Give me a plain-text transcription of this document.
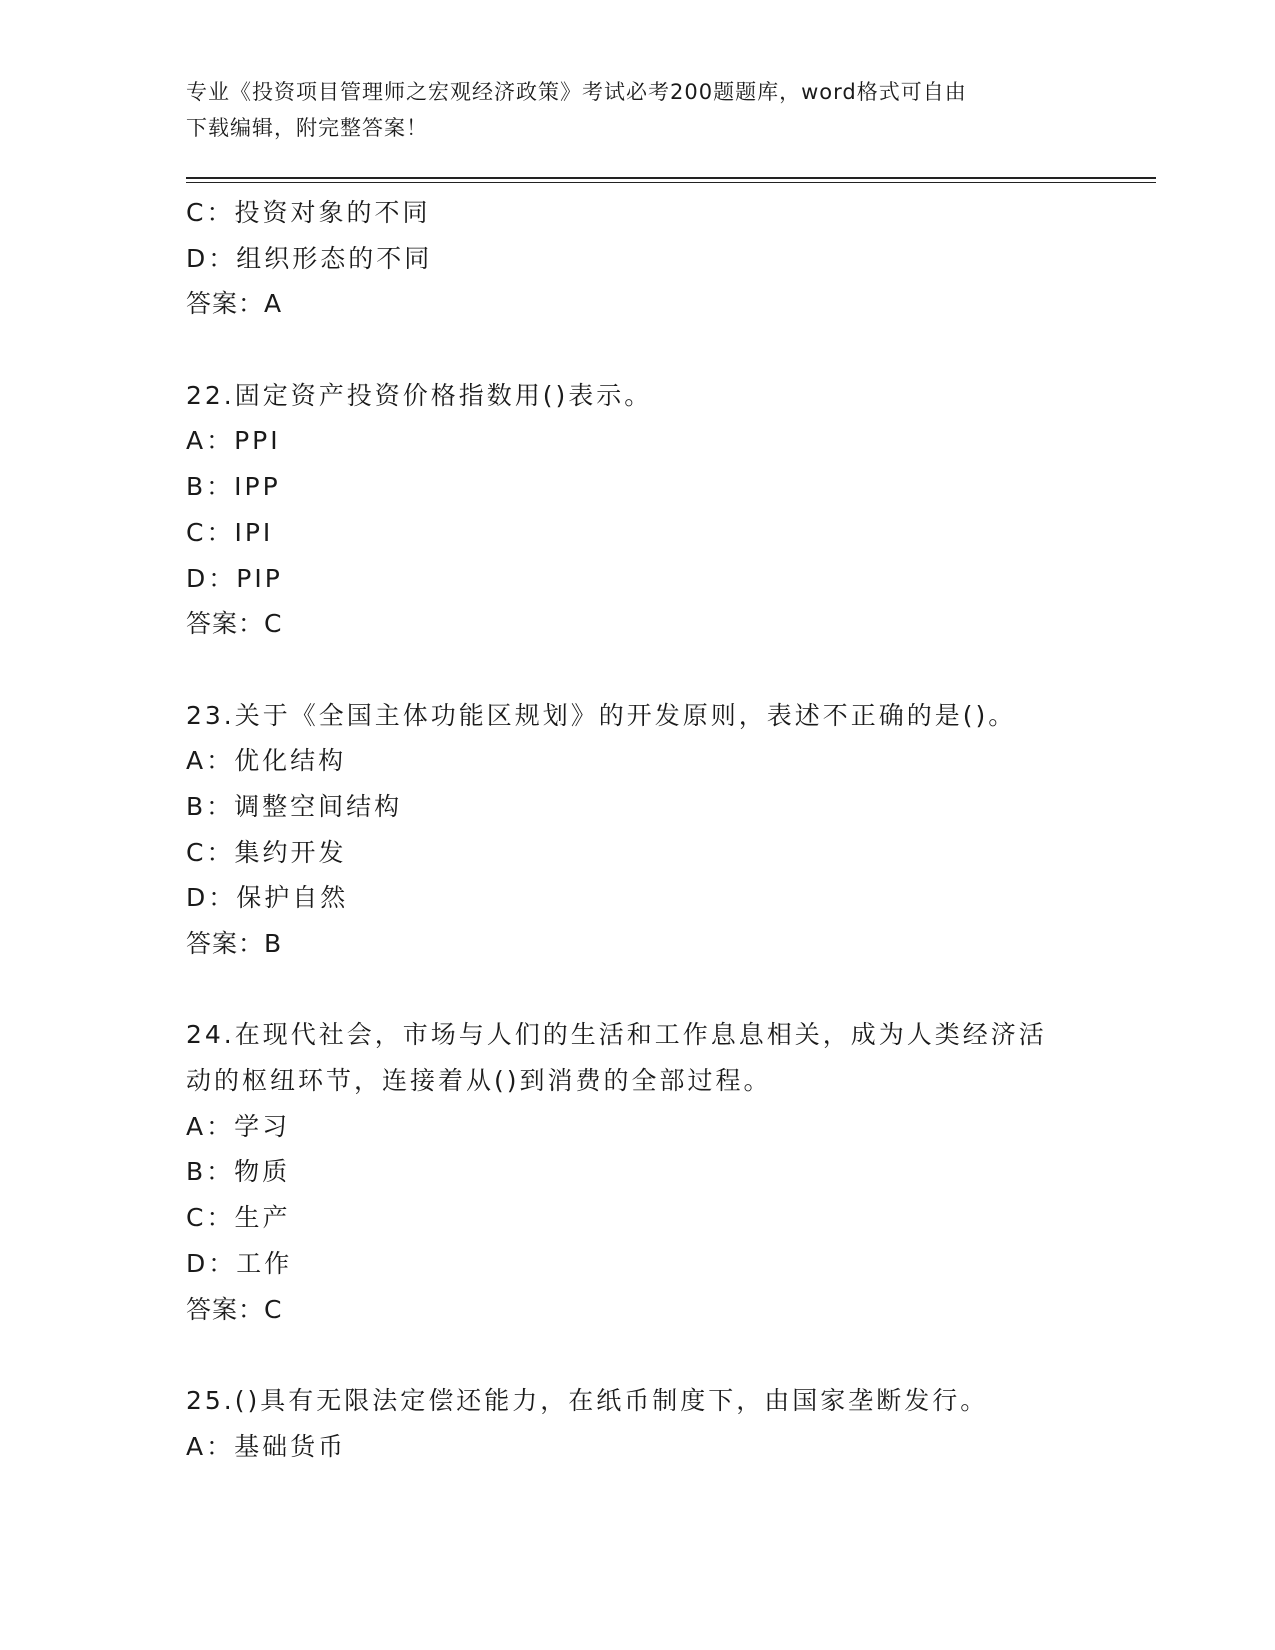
专业《投资项目管理师之宏观经济政策》考试必考200题题库，word格式可自由
下载编辑，附完整答案！
C：投资对象的不同
D：组织形态的不同
答案：A
22.固定资产投资价格指数用()表示。
A：PPI
B：IPP
C：IPI
D：PIP
答案：C
23.关于《全国主体功能区规划》的开发原则，表述不正确的是()。
A：优化结构
B：调整空间结构
C：集约开发
D：保护自然
答案：B
24.在现代社会，市场与人们的生活和工作息息相关，成为人类经济活
动的枢纽环节，连接着从()到消费的全部过程。
A：学习
B：物质
C：生产
D：工作
答案：C
25.()具有无限法定偿还能力，在纸币制度下，由国家垄断发行。
A：基础货币
